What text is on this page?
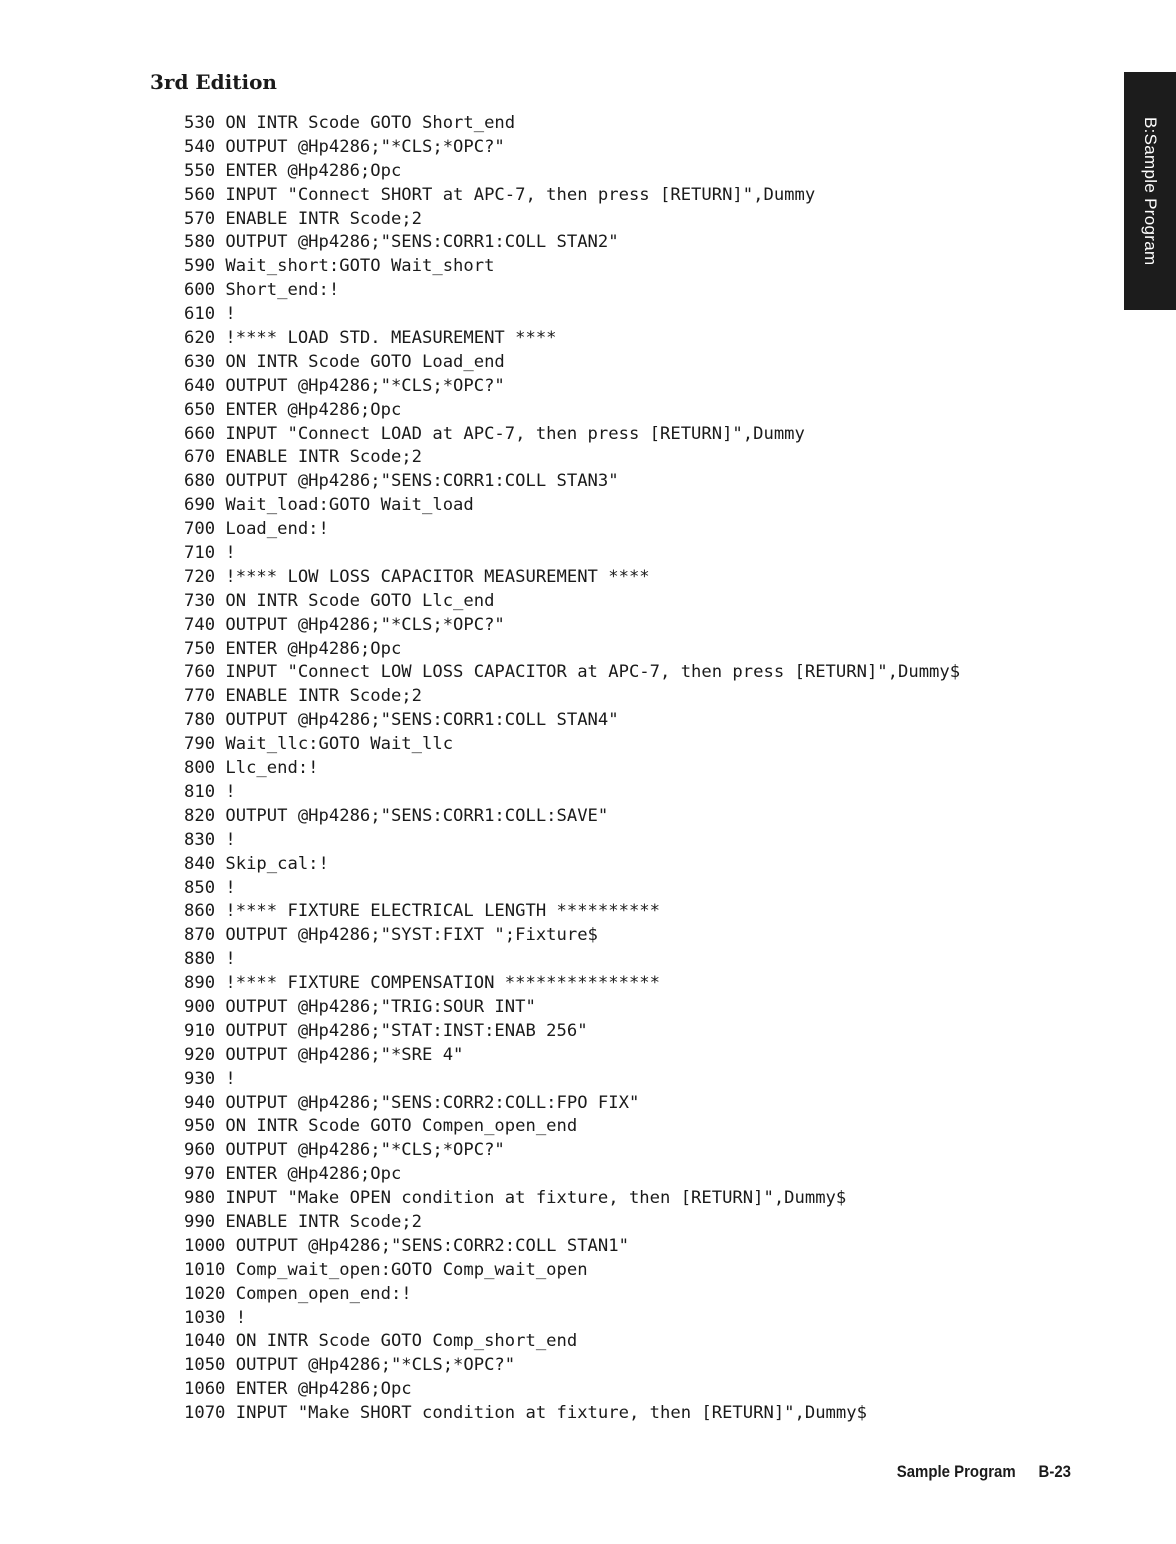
3rd Edition
B:Sample Program
530 ON INTR Scode GOTO Short_end
540 OUTPUT @Hp4286;"*CLS;*OPC?"
550 ENTER @Hp4286;Opc
560 INPUT "Connect SHORT at APC-7, then press [RETURN]",Dummy
570 ENABLE INTR Scode;2
580 OUTPUT @Hp4286;"SENS:CORR1:COLL STAN2"
590 Wait_short:GOTO Wait_short
600 Short_end:!
610 !
620 !**** LOAD STD. MEASUREMENT ****
630 ON INTR Scode GOTO Load_end
640 OUTPUT @Hp4286;"*CLS;*OPC?"
650 ENTER @Hp4286;Opc
660 INPUT "Connect LOAD at APC-7, then press [RETURN]",Dummy
670 ENABLE INTR Scode;2
680 OUTPUT @Hp4286;"SENS:CORR1:COLL STAN3"
690 Wait_load:GOTO Wait_load
700 Load_end:!
710 !
720 !**** LOW LOSS CAPACITOR MEASUREMENT ****
730 ON INTR Scode GOTO Llc_end
740 OUTPUT @Hp4286;"*CLS;*OPC?"
750 ENTER @Hp4286;Opc
760 INPUT "Connect LOW LOSS CAPACITOR at APC-7, then press [RETURN]",Dummy$
770 ENABLE INTR Scode;2
780 OUTPUT @Hp4286;"SENS:CORR1:COLL STAN4"
790 Wait_llc:GOTO Wait_llc
800 Llc_end:!
810 !
820 OUTPUT @Hp4286;"SENS:CORR1:COLL:SAVE"
830 !
840 Skip_cal:!
850 !
860 !**** FIXTURE ELECTRICAL LENGTH **********
870 OUTPUT @Hp4286;"SYST:FIXT ";Fixture$
880 !
890 !**** FIXTURE COMPENSATION ***************
900 OUTPUT @Hp4286;"TRIG:SOUR INT"
910 OUTPUT @Hp4286;"STAT:INST:ENAB 256"
920 OUTPUT @Hp4286;"*SRE 4"
930 !
940 OUTPUT @Hp4286;"SENS:CORR2:COLL:FPO FIX"
950 ON INTR Scode GOTO Compen_open_end
960 OUTPUT @Hp4286;"*CLS;*OPC?"
970 ENTER @Hp4286;Opc
980 INPUT "Make OPEN condition at fixture, then [RETURN]",Dummy$
990 ENABLE INTR Scode;2
1000 OUTPUT @Hp4286;"SENS:CORR2:COLL STAN1"
1010 Comp_wait_open:GOTO Comp_wait_open
1020 Compen_open_end:!
1030 !
1040 ON INTR Scode GOTO Comp_short_end
1050 OUTPUT @Hp4286;"*CLS;*OPC?"
1060 ENTER @Hp4286;Opc
1070 INPUT "Make SHORT condition at fixture, then [RETURN]",Dummy$
Sample Program B-23
